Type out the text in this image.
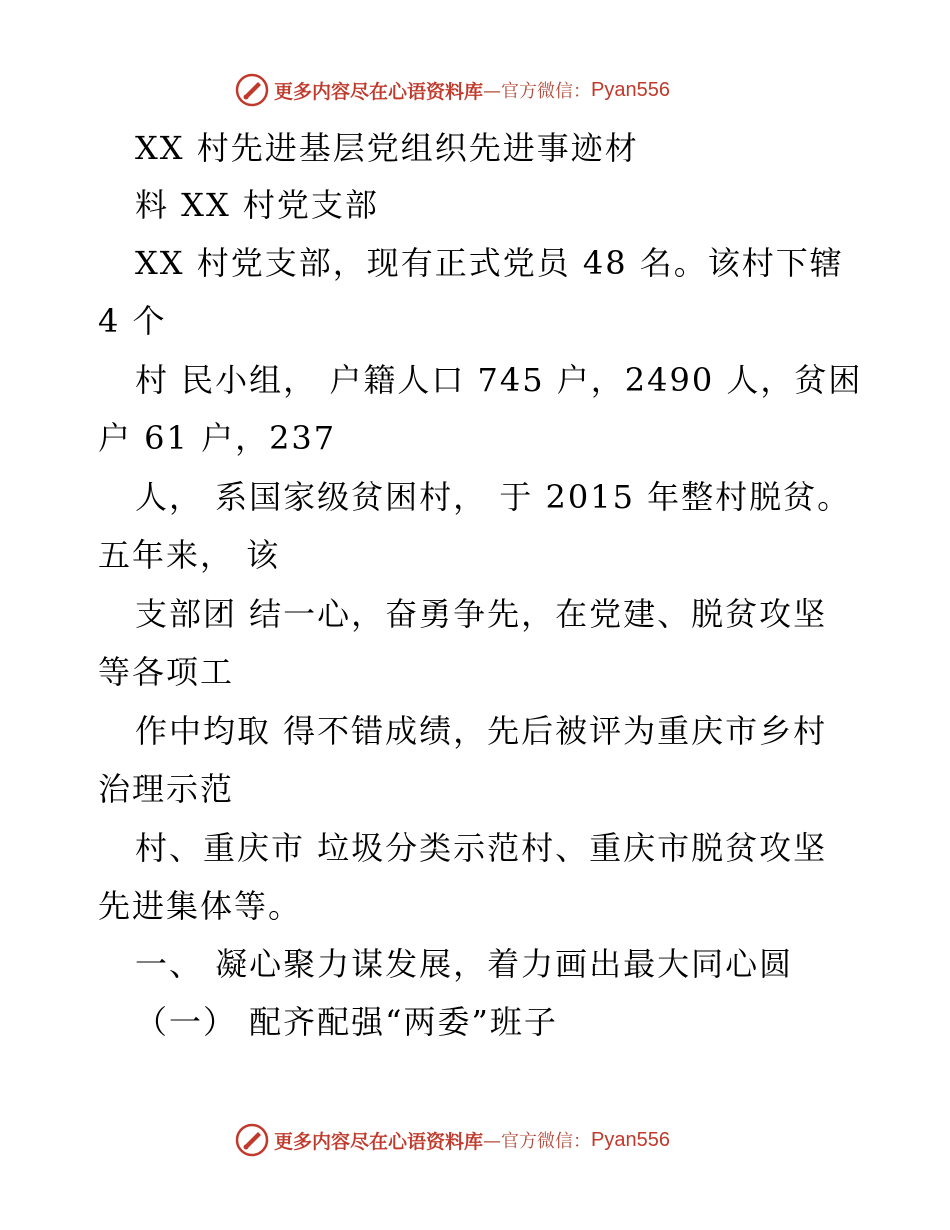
更多内容尽在心语资料库 —官方微信： Pyan556
XX 村先进基层党组织先进事迹材
料 XX 村党支部
XX 村党支部，现有正式党员 48 名。该村下辖
4 个
村 民小组， 户籍人口 745 户，2490 人，贫困
户 61 户，237
人， 系国家级贫困村， 于 2015 年整村脱贫。
五年来， 该
支部团 结一心，奋勇争先，在党建、脱贫攻坚
等各项工
作中均取 得不错成绩，先后被评为重庆市乡村
治理示范
村、重庆市 垃圾分类示范村、重庆市脱贫攻坚
先进集体等。
一、 凝心聚力谋发展，着力画出最大同心圆
（一） 配齐配强“两委”班子
更多内容尽在心语资料库 —官方微信： Pyan556
